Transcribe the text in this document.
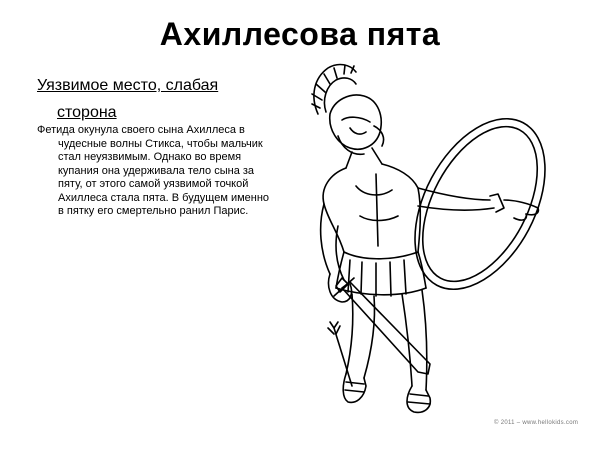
Ахиллесова пята

Уязвимое место, слабая
сторона

Фетида окунула своего сына Ахиллеса в
чудесные волны Стикса, чтобы мальчик стал неуязвимым. Однако во время купания она удерживала тело сына за пяту, от этого самой уязвимой точкой Ахиллеса стала пята. В будущем именно в пятку его смертельно ранил Парис.

© 2011 – www.hellokids.com
